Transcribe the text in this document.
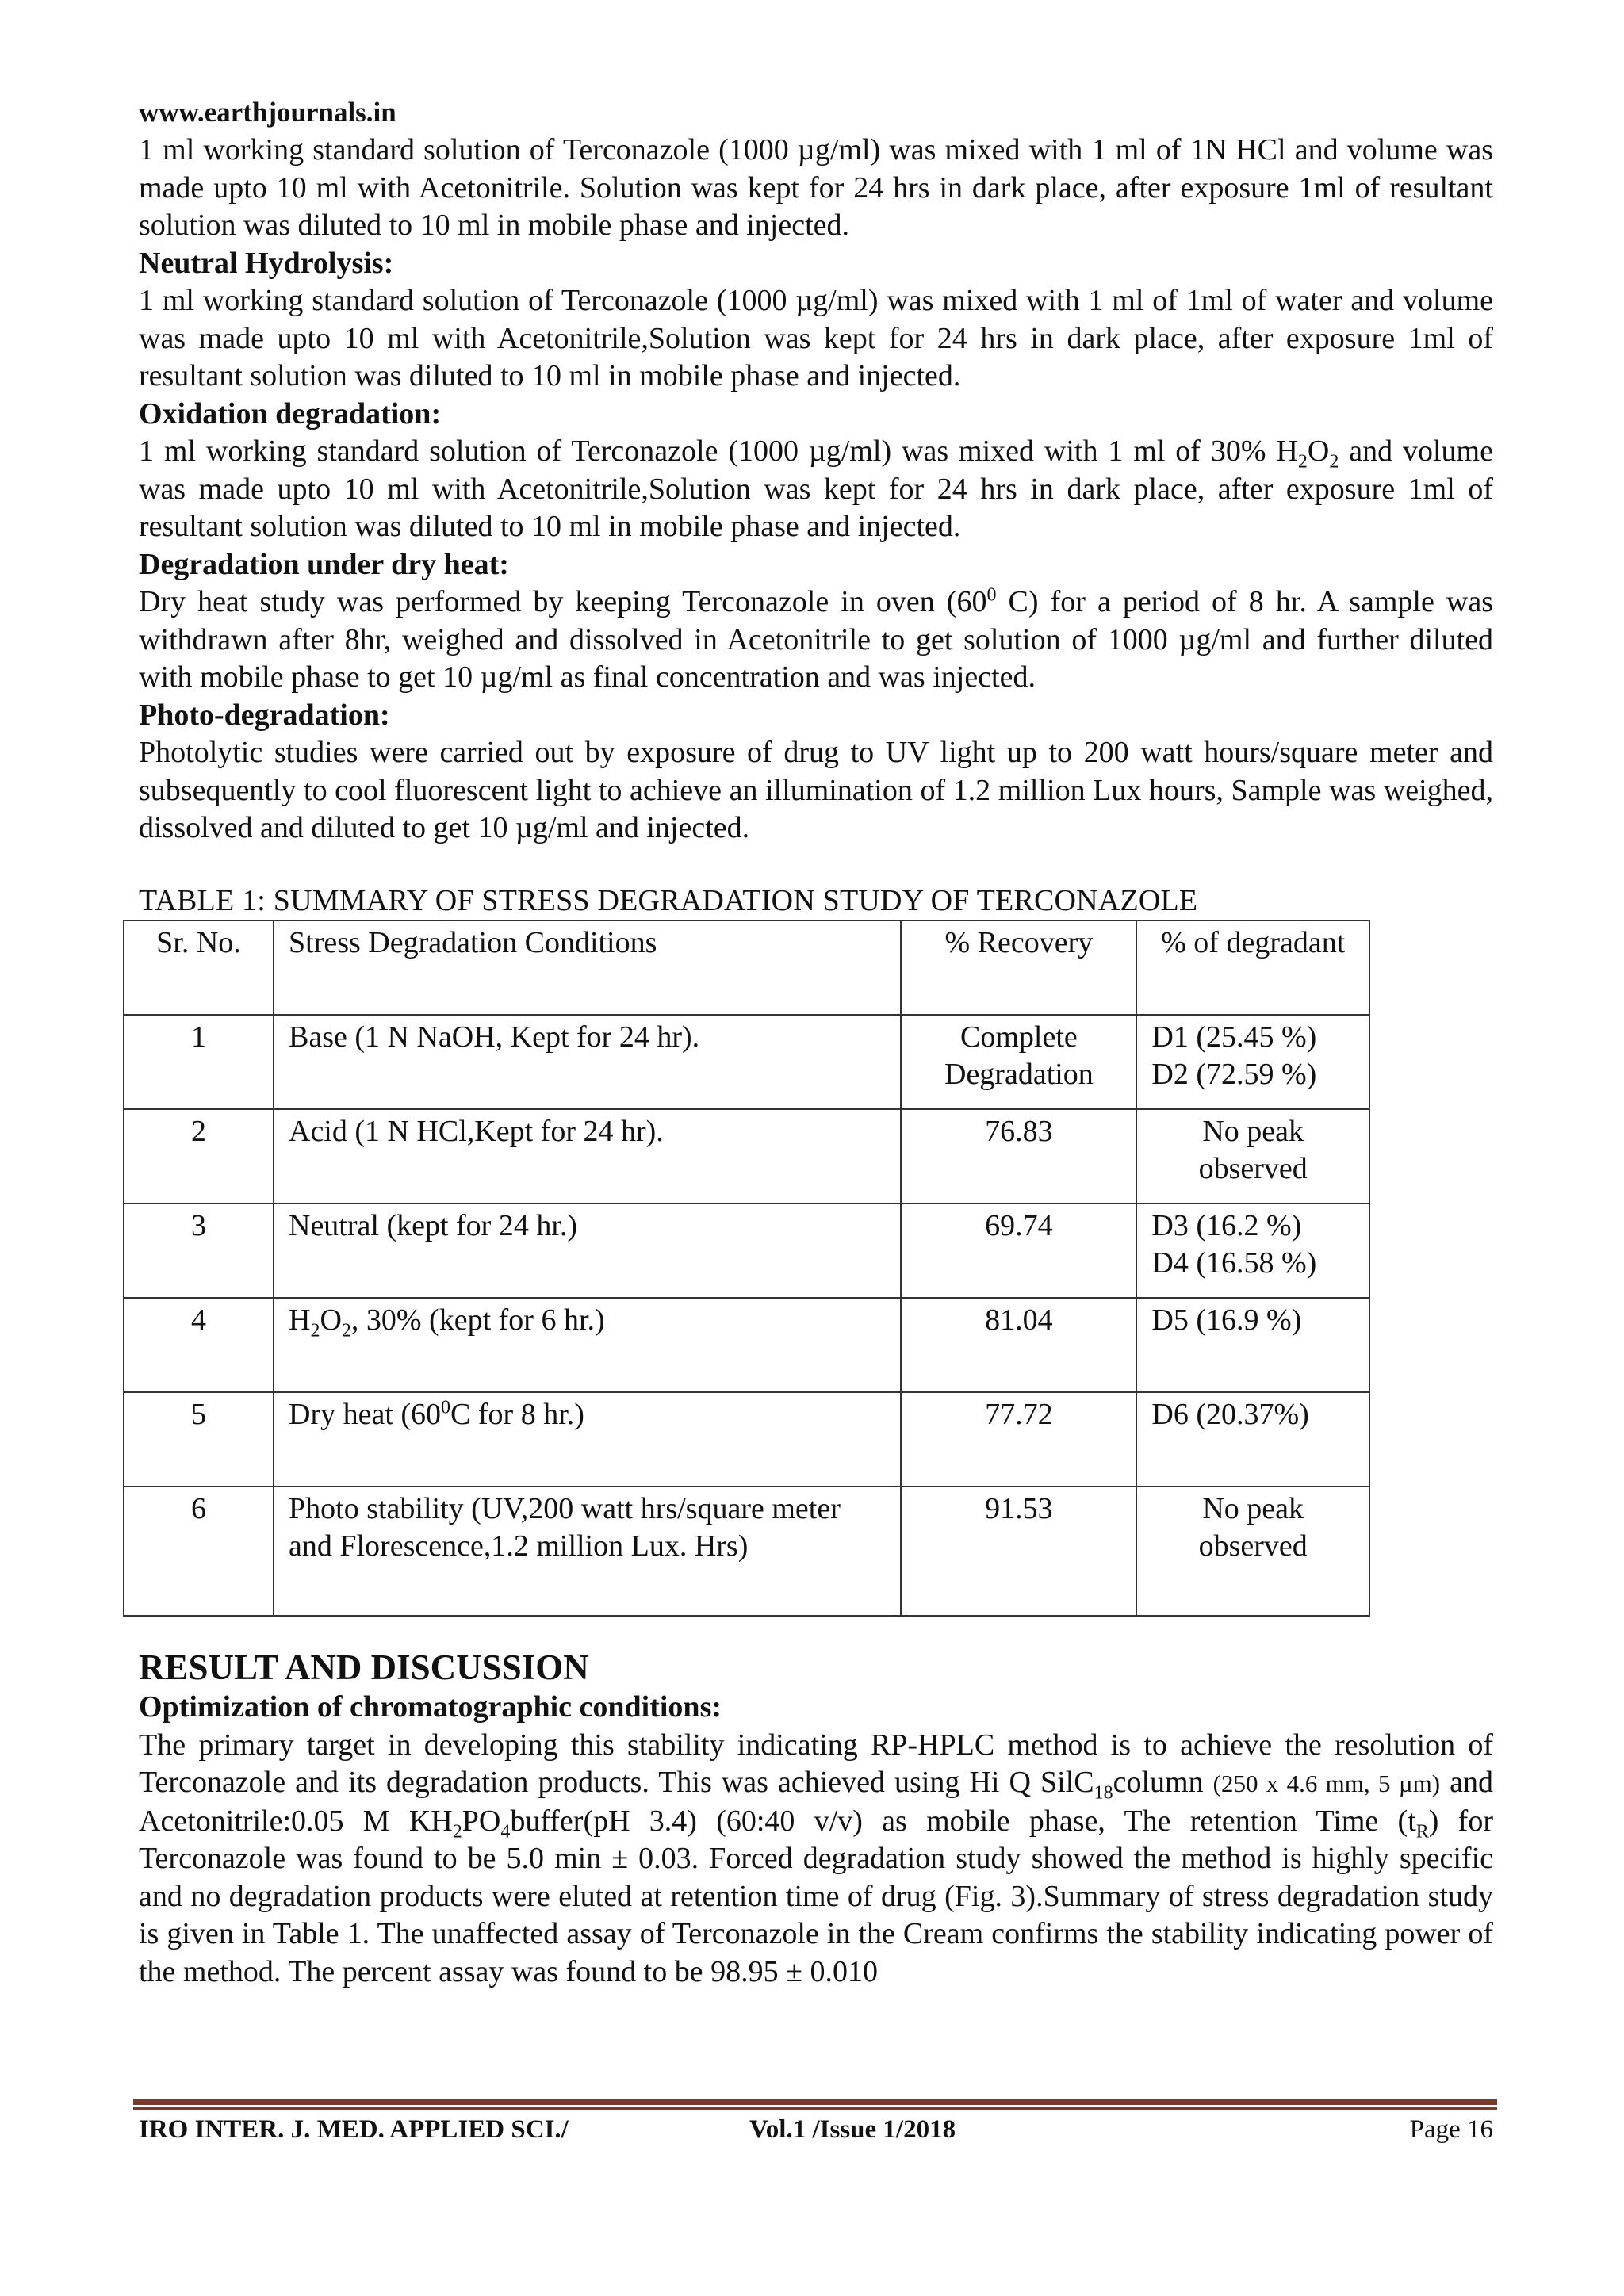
www.earthjournals.in

1 ml working standard solution of Terconazole (1000 µg/ml) was mixed with 1 ml of 1N HCl and volume was made upto 10 ml with Acetonitrile. Solution was kept for 24 hrs in dark place, after exposure 1ml of resultant solution was diluted to 10 ml in mobile phase and injected.

Neutral Hydrolysis:

1 ml working standard solution of Terconazole (1000 µg/ml) was mixed with 1 ml of 1ml of water and volume was made upto 10 ml with Acetonitrile,Solution was kept for 24 hrs in dark place, after exposure 1ml of resultant solution was diluted to 10 ml in mobile phase and injected.

Oxidation degradation:

1 ml working standard solution of Terconazole (1000 µg/ml) was mixed with 1 ml of 30% $H_2O_2$ and volume was made upto 10 ml with Acetonitrile,Solution was kept for 24 hrs in dark place, after exposure 1ml of resultant solution was diluted to 10 ml in mobile phase and injected.

Degradation under dry heat:

Dry heat study was performed by keeping Terconazole in oven ($60^0$ C) for a period of 8 hr. A sample was withdrawn after 8hr, weighed and dissolved in Acetonitrile to get solution of 1000 µg/ml and further diluted with mobile phase to get 10 µg/ml as final concentration and was injected.

Photo-degradation:

Photolytic studies were carried out by exposure of drug to UV light up to 200 watt hours/square meter and subsequently to cool fluorescent light to achieve an illumination of 1.2 million Lux hours, Sample was weighed, dissolved and diluted to get 10 µg/ml and injected.

TABLE 1: SUMMARY OF STRESS DEGRADATION STUDY OF TERCONAZOLE
Sr. No.	Stress Degradation Conditions	% Recovery	% of degradant
1	Base (1 N NaOH, Kept for 24 hr).	Complete Degradation	D1 (25.45 %)
D2 (72.59 %)

2	Acid (1 N HCl,Kept for 24 hr).	76.83	No peak observed
3	Neutral (kept for 24 hr.)	69.74	D3 (16.2 %)
D4 (16.58 %)

4	$H_2O_2$, 30% (kept for 6 hr.)	81.04	D5 (16.9 %)
5	Dry heat ($60^0C$ for 8 hr.)	77.72	D6 (20.37%)
6	Photo stability (UV,200 watt hrs/square meter and Florescence,1.2 million Lux. Hrs)	91.53	No peak observed

RESULT AND DISCUSSION

Optimization of chromatographic conditions:

The primary target in developing this stability indicating RP-HPLC method is to achieve the resolution of Terconazole and its degradation products. This was achieved using Hi Q SilC$_{18}$column (250 x 4.6 mm, 5 µm) and Acetonitrile:0.05 M $KH_2PO_4buffer(pH$ 3.4) (60:40 v/v) as mobile phase, The retention Time $(t_R)$ for Terconazole was found to be 5.0 min ± 0.03. Forced degradation study showed the method is highly specific and no degradation products were eluted at retention time of drug (Fig. 3).Summary of stress degradation study is given in Table 1. The unaffected assay of Terconazole in the Cream confirms the stability indicating power of the method. The percent assay was found to be 98.95 ± 0.010

IRO INTER. J. MED. APPLIED SCI./	Vol.1 /Issue 1/2018	Page 16
